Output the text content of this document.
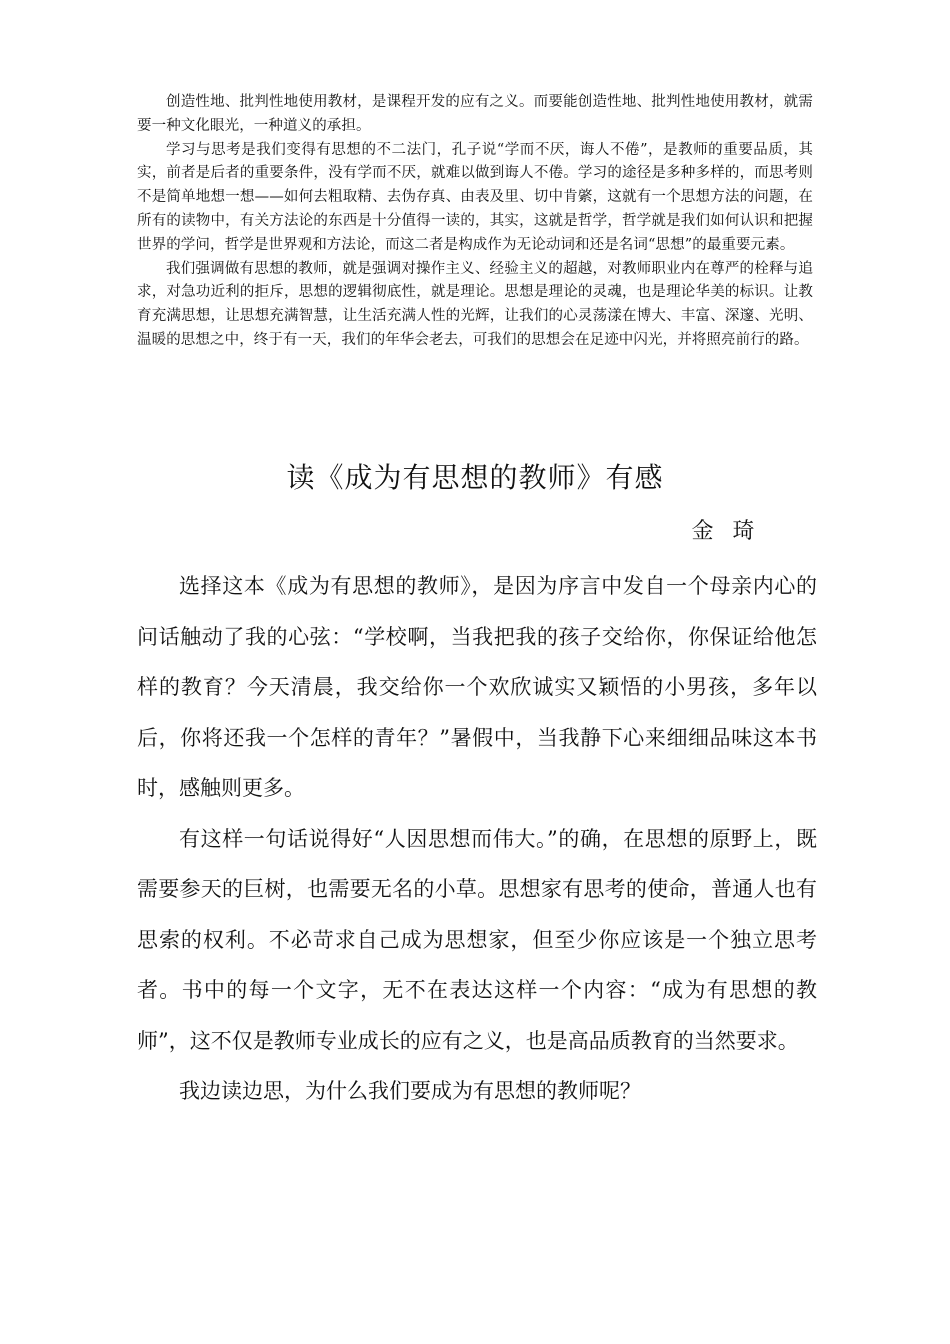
创造性地、批判性地使用教材，是课程开发的应有之义。而要能创造性地、批判性地使用教材，就需要一种文化眼光，一种道义的承担。

学习与思考是我们变得有思想的不二法门，孔子说“学而不厌，诲人不倦”，是教师的重要品质，其实，前者是后者的重要条件，没有学而不厌，就难以做到诲人不倦。学习的途径是多种多样的，而思考则不是简单地想一想——如何去粗取精、去伪存真、由表及里、切中肯綮，这就有一个思想方法的问题，在所有的读物中，有关方法论的东西是十分值得一读的，其实，这就是哲学，哲学就是我们如何认识和把握世界的学问，哲学是世界观和方法论，而这二者是构成作为无论动词和还是名词“思想”的最重要元素。

我们强调做有思想的教师，就是强调对操作主义、经验主义的超越，对教师职业内在尊严的栓释与追求，对急功近利的拒斥，思想的逻辑彻底性，就是理论。思想是理论的灵魂，也是理论华美的标识。让教育充满思想，让思想充满智慧，让生活充满人性的光辉，让我们的心灵荡漾在博大、丰富、深邃、光明、温暖的思想之中，终于有一天，我们的年华会老去，可我们的思想会在足迹中闪光，并将照亮前行的路。

读《成为有思想的教师》有感

金 琦

选择这本《成为有思想的教师》，是因为序言中发自一个母亲内心的问话触动了我的心弦：“学校啊，当我把我的孩子交给你，你保证给他怎样的教育？今天清晨，我交给你一个欢欣诚实又颖悟的小男孩，多年以后，你将还我一个怎样的青年？”暑假中，当我静下心来细细品味这本书时，感触则更多。

有这样一句话说得好“人因思想而伟大。”的确，在思想的原野上，既需要参天的巨树，也需要无名的小草。思想家有思考的使命，普通人也有思索的权利。不必苛求自己成为思想家，但至少你应该是一个独立思考者。书中的每一个文字，无不在表达这样一个内容：“成为有思想的教师”，这不仅是教师专业成长的应有之义，也是高品质教育的当然要求。

我边读边思，为什么我们要成为有思想的教师呢？
